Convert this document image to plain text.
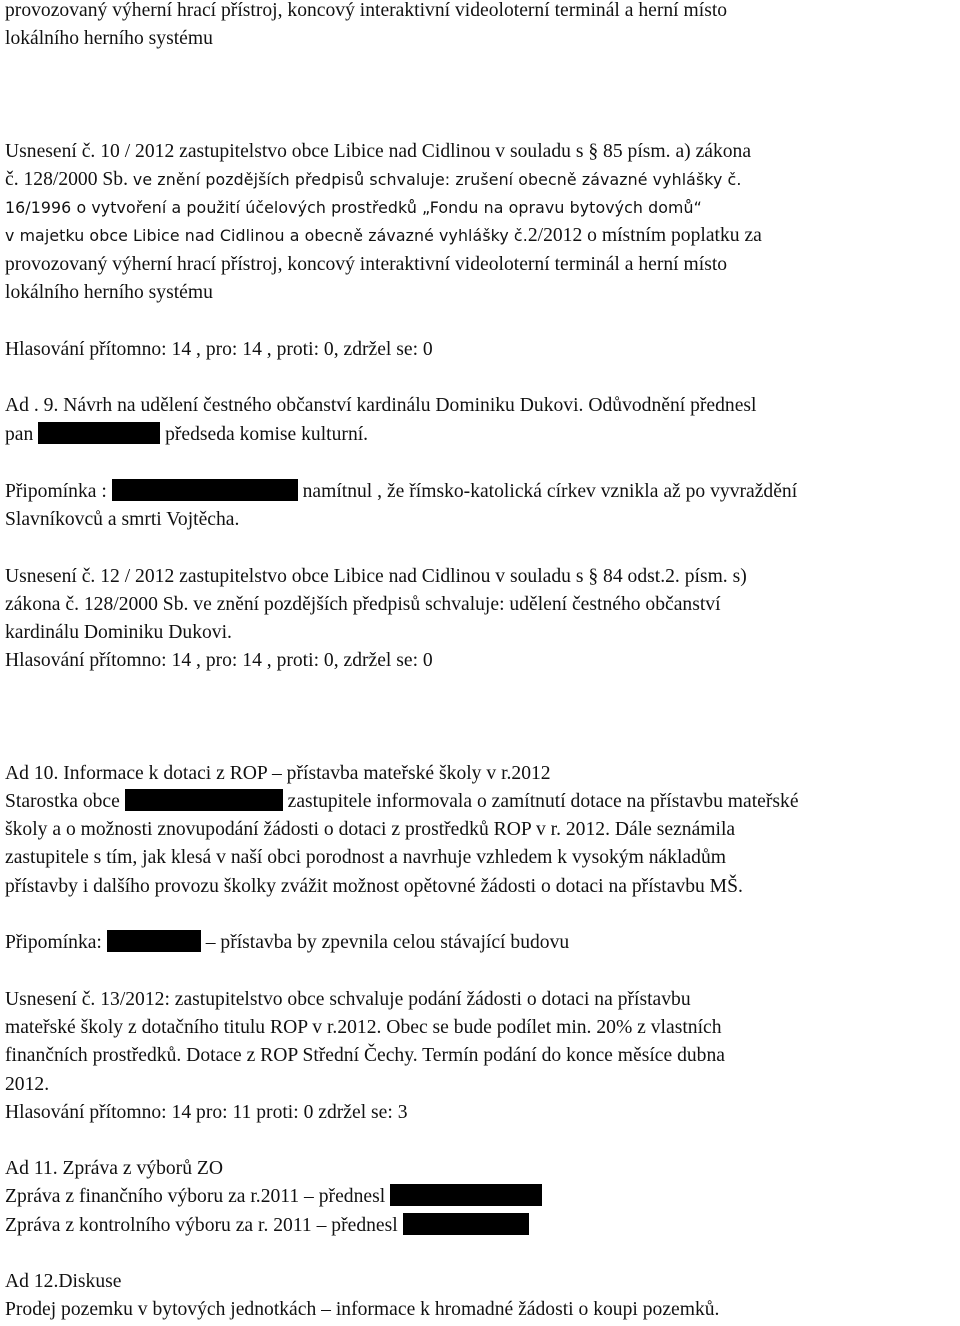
provozovaný výherní hrací přístroj, koncový interaktivní videoloterní terminál a herní místo
lokálního herního systému
Usnesení č. 10 / 2012 zastupitelstvo obce Libice nad Cidlinou v souladu s § 85 písm. a) zákona
č. 128/2000 Sb. ve znění pozdějších předpisů schvaluje: zrušení obecně závazné vyhlášky č.
16/1996 o vytvoření a použití účelových prostředků „Fondu na opravu bytových domů“
v majetku obce Libice nad Cidlinou a obecně závazné vyhlášky č.2/2012 o místním poplatku za
provozovaný výherní hrací přístroj, koncový interaktivní videoloterní terminál a herní místo
lokálního herního systému
Hlasování přítomno: 14 , pro: 14 , proti: 0, zdržel se: 0
Ad . 9. Návrh na udělení čestného občanství kardinálu Dominiku Dukovi. Odůvodnění přednesl
pan	předseda komise kulturní.
Připomínka :	namítnul , že římsko-katolická církev vznikla až po vyvraždění
Slavníkovců a smrti Vojtěcha.
Usnesení č. 12 / 2012 zastupitelstvo obce Libice nad Cidlinou v souladu s § 84 odst.2. písm. s)
zákona č. 128/2000 Sb. ve znění pozdějších předpisů schvaluje: udělení čestného občanství
kardinálu Dominiku Dukovi.
Hlasování přítomno: 14 , pro: 14 , proti: 0, zdržel se: 0
Ad 10. Informace k dotaci z ROP – přístavba mateřské školy v r.2012
Starostka obce	zastupitele informovala o zamítnutí dotace na přístavbu mateřské
školy a o možnosti znovupodání žádosti o dotaci z prostředků ROP v r. 2012. Dále seznámila
zastupitele s tím, jak klesá v naší obci porodnost a navrhuje vzhledem k vysokým nákladům
přístavby i dalšího provozu školky zvážit možnost opětovné žádosti o dotaci na přístavbu MŠ.
Připomínka:	– přístavba by zpevnila celou stávající budovu
Usnesení č. 13/2012: zastupitelstvo obce schvaluje podání žádosti o dotaci na přístavbu
mateřské školy z dotačního titulu ROP v r.2012. Obec se bude podílet min. 20% z vlastních
finančních prostředků. Dotace z ROP Střední Čechy. Termín podání do konce měsíce dubna
2012.
Hlasování přítomno: 14 pro: 11 proti: 0 zdržel se: 3
Ad 11. Zpráva z výborů ZO
Zpráva z finančního výboru za r.2011 – přednesl
Zpráva z kontrolního výboru za r. 2011 – přednesl
Ad 12.Diskuse
Prodej pozemku v bytových jednotkách – informace k hromadné žádosti o koupi pozemků.
